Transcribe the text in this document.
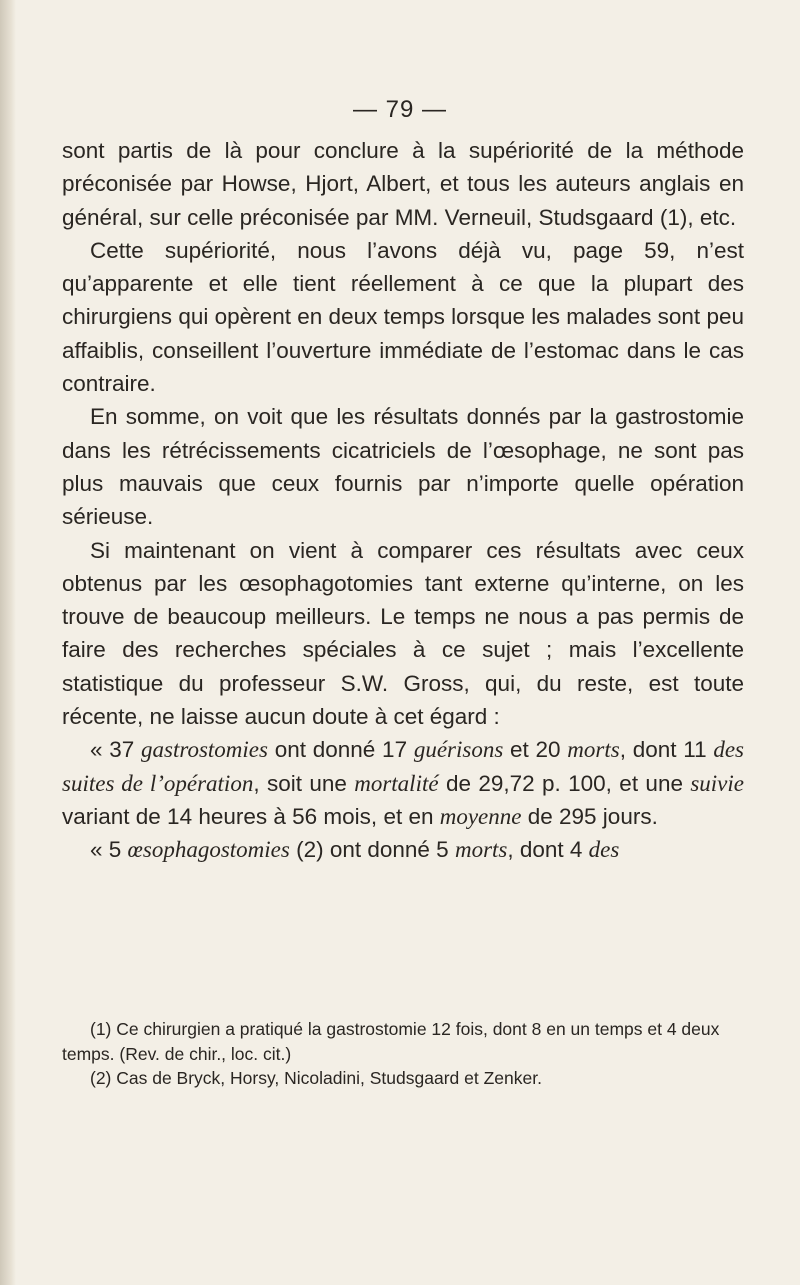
— 79 —

sont partis de là pour conclure à la supériorité de la méthode préconisée par Howse, Hjort, Albert, et tous les auteurs anglais en général, sur celle préconisée par MM. Verneuil, Studsgaard (1), etc.

Cette supériorité, nous l’avons déjà vu, page 59, n’est qu’apparente et elle tient réellement à ce que la plupart des chirurgiens qui opèrent en deux temps lorsque les malades sont peu affaiblis, conseillent l’ouverture immédiate de l’estomac dans le cas contraire.

En somme, on voit que les résultats donnés par la gastrostomie dans les rétrécissements cicatriciels de l’œsophage, ne sont pas plus mauvais que ceux fournis par n’importe quelle opération sérieuse.

Si maintenant on vient à comparer ces résultats avec ceux obtenus par les œsophagotomies tant externe qu’interne, on les trouve de beaucoup meilleurs. Le temps ne nous a pas permis de faire des recherches spéciales à ce sujet ; mais l’excellente statistique du professeur S.W. Gross, qui, du reste, est toute récente, ne laisse aucun doute à cet égard :

« 37 gastrostomies ont donné 17 guérisons et 20 morts, dont 11 des suites de l’opération, soit une mortalité de 29,72 p. 100, et une suivie variant de 14 heures à 56 mois, et en moyenne de 295 jours.

« 5 œsophagostomies (2) ont donné 5 morts, dont 4 des

(1) Ce chirurgien a pratiqué la gastrostomie 12 fois, dont 8 en un temps et 4 deux temps. (Rev. de chir., loc. cit.)

(2) Cas de Bryck, Horsy, Nicoladini, Studsgaard et Zenker.
